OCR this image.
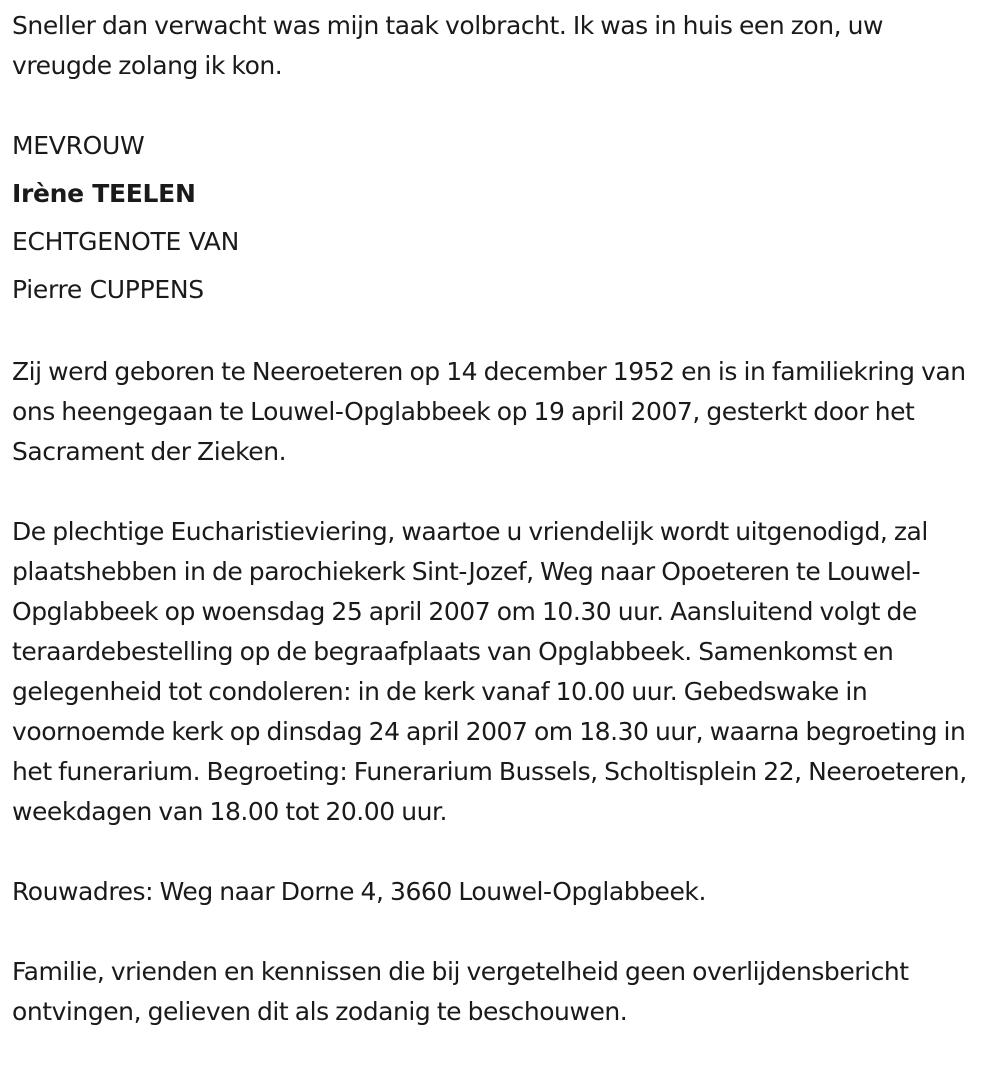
Sneller dan verwacht was mijn taak volbracht. Ik was in huis een zon, uw vreugde zolang ik kon.

MEVROUW
Irène TEELEN
ECHTGENOTE VAN
Pierre CUPPENS

Zij werd geboren te Neeroeteren op 14 december 1952 en is in familiekring van ons heengegaan te Louwel-Opglabbeek op 19 april 2007, gesterkt door het Sacrament der Zieken.

De plechtige Eucharistieviering, waartoe u vriendelijk wordt uitgenodigd, zal plaatshebben in de parochiekerk Sint-Jozef, Weg naar Opoeteren te Louwel-Opglabbeek op woensdag 25 april 2007 om 10.30 uur. Aansluitend volgt de teraardebestelling op de begraafplaats van Opglabbeek. Samenkomst en gelegenheid tot condoleren: in de kerk vanaf 10.00 uur. Gebedswake in voornoemde kerk op dinsdag 24 april 2007 om 18.30 uur, waarna begroeting in het funerarium. Begroeting: Funerarium Bussels, Scholtisplein 22, Neeroeteren, weekdagen van 18.00 tot 20.00 uur.

Rouwadres: Weg naar Dorne 4, 3660 Louwel-Opglabbeek.

Familie, vrienden en kennissen die bij vergetelheid geen overlijdensbericht ontvingen, gelieven dit als zodanig te beschouwen.
